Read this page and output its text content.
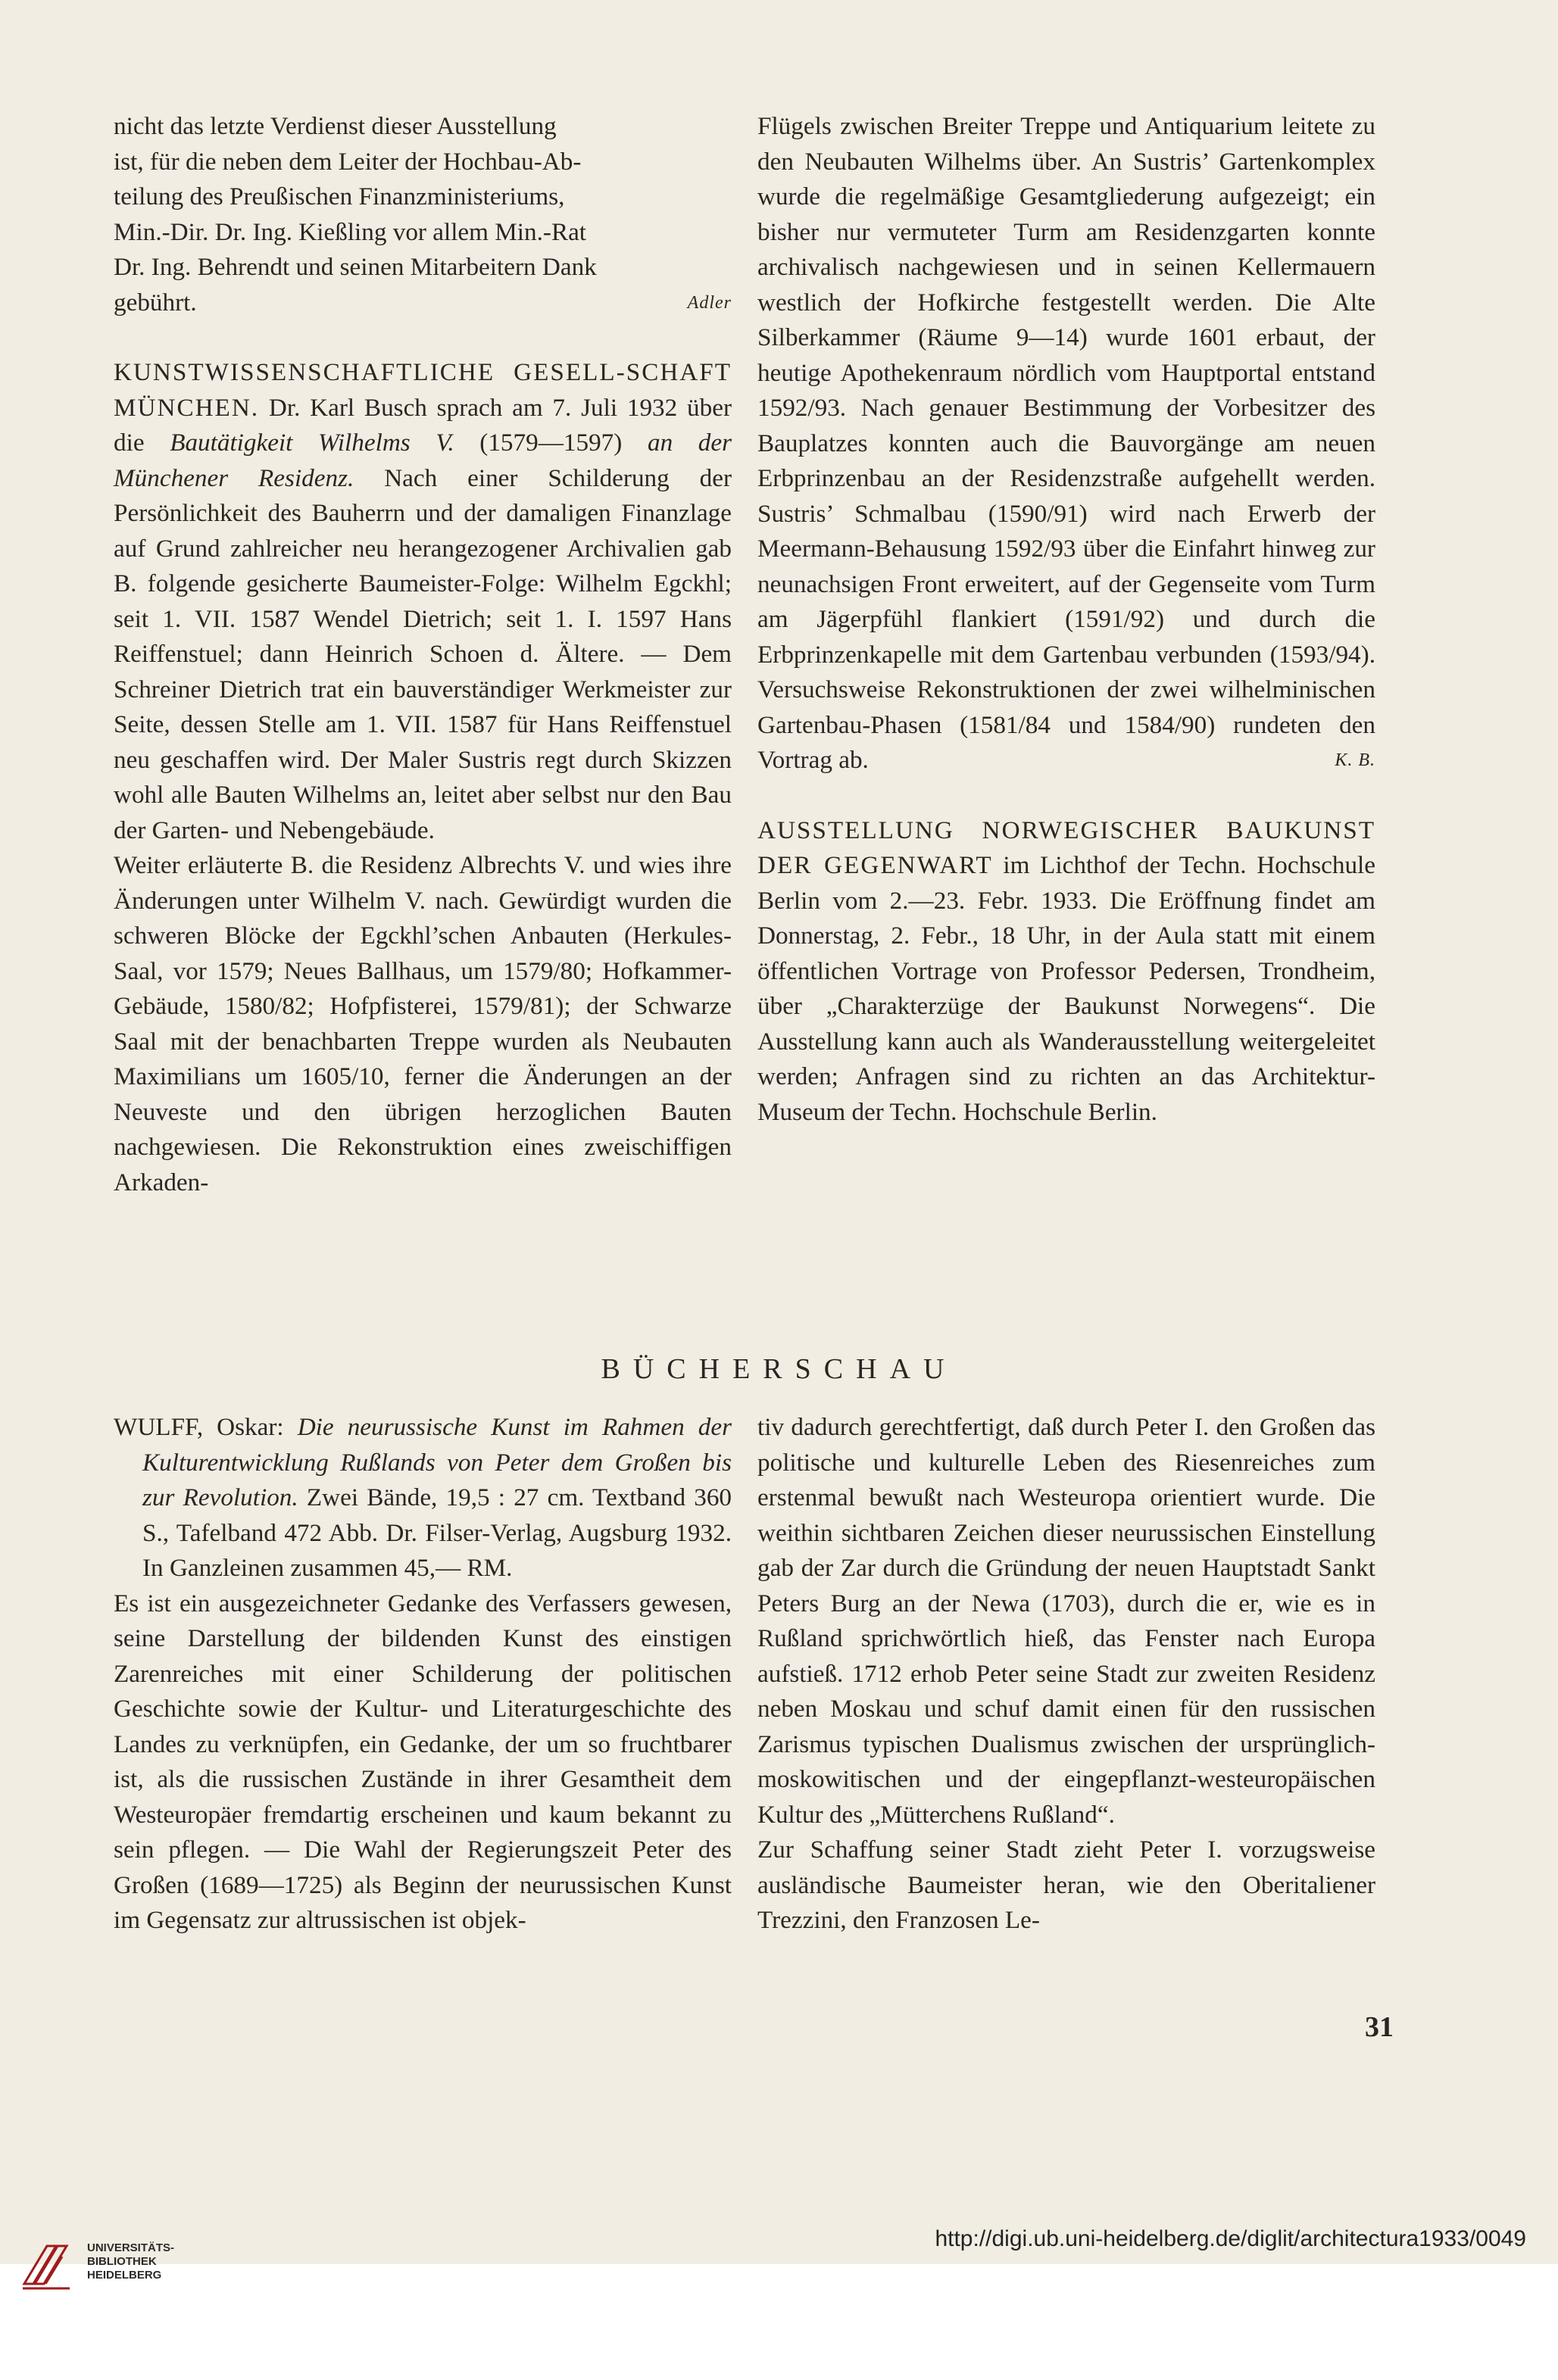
nicht das letzte Verdienst dieser Ausstellung
ist, für die neben dem Leiter der Hochbau-Ab-
teilung des Preußischen Finanzministeriums,
Min.-Dir. Dr. Ing. Kießling vor allem Min.-Rat
Dr. Ing. Behrendt und seinen Mitarbeitern Dank
gebührt.	Adler

KUNSTWISSENSCHAFTLICHE GESELL-SCHAFT MÜNCHEN. Dr. Karl Busch sprach am 7. Juli 1932 über die Bautätigkeit Wilhelms V. (1579—1597) an der Münchener Residenz. Nach einer Schilderung der Persönlichkeit des Bauherrn und der damaligen Finanzlage auf Grund zahlreicher neu herangezogener Archivalien gab B. folgende gesicherte Baumeister-Folge: Wilhelm Egckhl; seit 1. VII. 1587 Wendel Dietrich; seit 1. I. 1597 Hans Reiffenstuel; dann Heinrich Schoen d. Ältere. — Dem Schreiner Dietrich trat ein bauverständiger Werkmeister zur Seite, dessen Stelle am 1. VII. 1587 für Hans Reiffenstuel neu geschaffen wird. Der Maler Sustris regt durch Skizzen wohl alle Bauten Wilhelms an, leitet aber selbst nur den Bau der Garten- und Nebengebäude.

Weiter erläuterte B. die Residenz Albrechts V. und wies ihre Änderungen unter Wilhelm V. nach. Gewürdigt wurden die schweren Blöcke der Egckhl’schen Anbauten (Herkules-Saal, vor 1579; Neues Ballhaus, um 1579/80; Hofkammer-Gebäude, 1580/82; Hofpfisterei, 1579/81); der Schwarze Saal mit der benachbarten Treppe wurden als Neubauten Maximilians um 1605/10, ferner die Änderungen an der Neuveste und den übrigen herzoglichen Bauten nachgewiesen. Die Rekonstruktion eines zweischiffigen Arkaden-

Flügels zwischen Breiter Treppe und Antiquarium leitete zu den Neubauten Wilhelms über. An Sustris’ Gartenkomplex wurde die regelmäßige Gesamtgliederung aufgezeigt; ein bisher nur vermuteter Turm am Residenzgarten konnte archivalisch nachgewiesen und in seinen Kellermauern westlich der Hofkirche festgestellt werden. Die Alte Silberkammer (Räume 9—14) wurde 1601 erbaut, der heutige Apothekenraum nördlich vom Hauptportal entstand 1592/93. Nach genauer Bestimmung der Vorbesitzer des Bauplatzes konnten auch die Bauvorgänge am neuen Erbprinzenbau an der Residenzstraße aufgehellt werden. Sustris’ Schmalbau (1590/91) wird nach Erwerb der Meermann-Behausung 1592/93 über die Einfahrt hinweg zur neunachsigen Front erweitert, auf der Gegenseite vom Turm am Jägerpfühl flankiert (1591/92) und durch die Erbprinzenkapelle mit dem Gartenbau verbunden (1593/94). Versuchsweise Rekonstruktionen der zwei wilhelminischen Gartenbau-Phasen (1581/84 und 1584/90) rundeten den Vortrag ab.	K. B.

AUSSTELLUNG NORWEGISCHER BAUKUNST DER GEGENWART im Lichthof der Techn. Hochschule Berlin vom 2.—23. Febr. 1933. Die Eröffnung findet am Donnerstag, 2. Febr., 18 Uhr, in der Aula statt mit einem öffentlichen Vortrage von Professor Pedersen, Trondheim, über „Charakterzüge der Baukunst Norwegens“. Die Ausstellung kann auch als Wanderausstellung weitergeleitet werden; Anfragen sind zu richten an das Architektur-Museum der Techn. Hochschule Berlin.

BÜCHERSCHAU

WULFF, Oskar: Die neurussische Kunst im Rahmen der Kulturentwicklung Rußlands von Peter dem Großen bis zur Revolution. Zwei Bände, 19,5 : 27 cm. Textband 360 S., Tafelband 472 Abb. Dr. Filser-Verlag, Augsburg 1932. In Ganzleinen zusammen 45,— RM.

Es ist ein ausgezeichneter Gedanke des Verfassers gewesen, seine Darstellung der bildenden Kunst des einstigen Zarenreiches mit einer Schilderung der politischen Geschichte sowie der Kultur- und Literaturgeschichte des Landes zu verknüpfen, ein Gedanke, der um so fruchtbarer ist, als die russischen Zustände in ihrer Gesamtheit dem Westeuropäer fremdartig erscheinen und kaum bekannt zu sein pflegen. — Die Wahl der Regierungszeit Peter des Großen (1689—1725) als Beginn der neurussischen Kunst im Gegensatz zur altrussischen ist objek-

tiv dadurch gerechtfertigt, daß durch Peter I. den Großen das politische und kulturelle Leben des Riesenreiches zum erstenmal bewußt nach Westeuropa orientiert wurde. Die weithin sichtbaren Zeichen dieser neurussischen Einstellung gab der Zar durch die Gründung der neuen Hauptstadt Sankt Peters Burg an der Newa (1703), durch die er, wie es in Rußland sprichwörtlich hieß, das Fenster nach Europa aufstieß. 1712 erhob Peter seine Stadt zur zweiten Residenz neben Moskau und schuf damit einen für den russischen Zarismus typischen Dualismus zwischen der ursprünglich-moskowitischen und der eingepflanzt-westeuropäischen Kultur des „Mütterchens Rußland“.

Zur Schaffung seiner Stadt zieht Peter I. vorzugsweise ausländische Baumeister heran, wie den Oberitaliener Trezzini, den Franzosen Le-

31
UNIVERSITÄTS-
BIBLIOTHEK
HEIDELBERG
http://digi.ub.uni-heidelberg.de/diglit/architectura1933/0049
